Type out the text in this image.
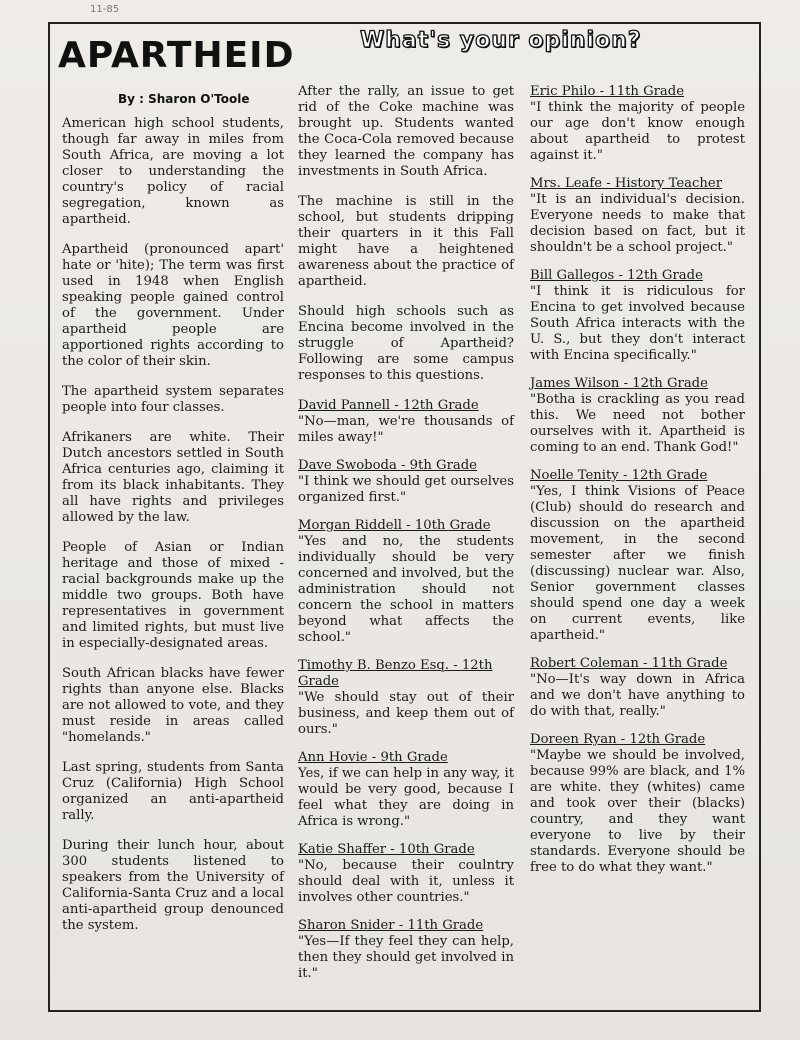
11-85
APARTHEID	What's your opinion?
By : Sharon O'Toole

American high school students, though far away in miles from South Africa, are moving a lot closer to understanding the country's policy of racial segregation, known as apartheid.

Apartheid (pronounced apart' hate or 'hite); The term was first used in 1948 when English speaking people gained control of the government. Under apartheid people are apportioned rights according to the color of their skin.

The apartheid system separates people into four classes.

Afrikaners are white. Their Dutch ancestors settled in South Africa centuries ago, claiming it from its black inhabitants. They all have rights and privileges allowed by the law.

People of Asian or Indian heritage and those of mixed - racial backgrounds make up the middle two groups. Both have representatives in government and limited rights, but must live in especially-designated areas.

South African blacks have fewer rights than anyone else. Blacks are not allowed to vote, and they must reside in areas called "homelands."

Last spring, students from Santa Cruz (California) High School organized an anti-apartheid rally.

During their lunch hour, about 300 students listened to speakers from the University of California-Santa Cruz and a local anti-apartheid group denounced the system.

After the rally, an issue to get rid of the Coke machine was brought up. Students wanted the Coca-Cola removed because they learned the company has investments in South Africa.

The machine is still in the school, but students dripping their quarters in it this Fall might have a heightened awareness about the practice of apartheid.

Should high schools such as Encina become involved in the struggle of Apartheid? Following are some campus responses to this questions.

David Pannell - 12th Grade
"No—man, we're thousands of miles away!"
Dave Swoboda - 9th Grade
"I think we should get ourselves organized first."
Morgan Riddell - 10th Grade
"Yes and no, the students individually should be very concerned and involved, but the administration should not concern the school in matters beyond what affects the school."
Timothy B. Benzo Esq. - 12th Grade
"We should stay out of their business, and keep them out of ours."
Ann Hovie - 9th Grade
Yes, if we can help in any way, it would be very good, because I feel what they are doing in Africa is wrong."
Katie Shaffer - 10th Grade
"No, because their coulntry should deal with it, unless it involves other countries."
Sharon Snider - 11th Grade
"Yes—If they feel they can help, then they should get involved in it."
Eric Philo - 11th Grade
"I think the majority of people our age don't know enough about apartheid to protest against it."
Mrs. Leafe - History Teacher
"It is an individual's decision. Everyone needs to make that decision based on fact, but it shouldn't be a school project."
Bill Gallegos - 12th Grade
"I think it is ridiculous for Encina to get involved because South Africa interacts with the U. S., but they don't interact with Encina specifically."
James Wilson - 12th Grade
"Botha is crackling as you read this. We need not bother ourselves with it. Apartheid is coming to an end. Thank God!"
Noelle Tenity - 12th Grade
"Yes, I think Visions of Peace (Club) should do research and discussion on the apartheid movement, in the second semester after we finish (discussing) nuclear war. Also, Senior government classes should spend one day a week on current events, like apartheid."
Robert Coleman - 11th Grade
"No—It's way down in Africa and we don't have anything to do with that, really."
Doreen Ryan - 12th Grade
"Maybe we should be involved, because 99% are black, and 1% are white. they (whites) came and took over their (blacks) country, and they want everyone to live by their standards. Everyone should be free to do what they want."
